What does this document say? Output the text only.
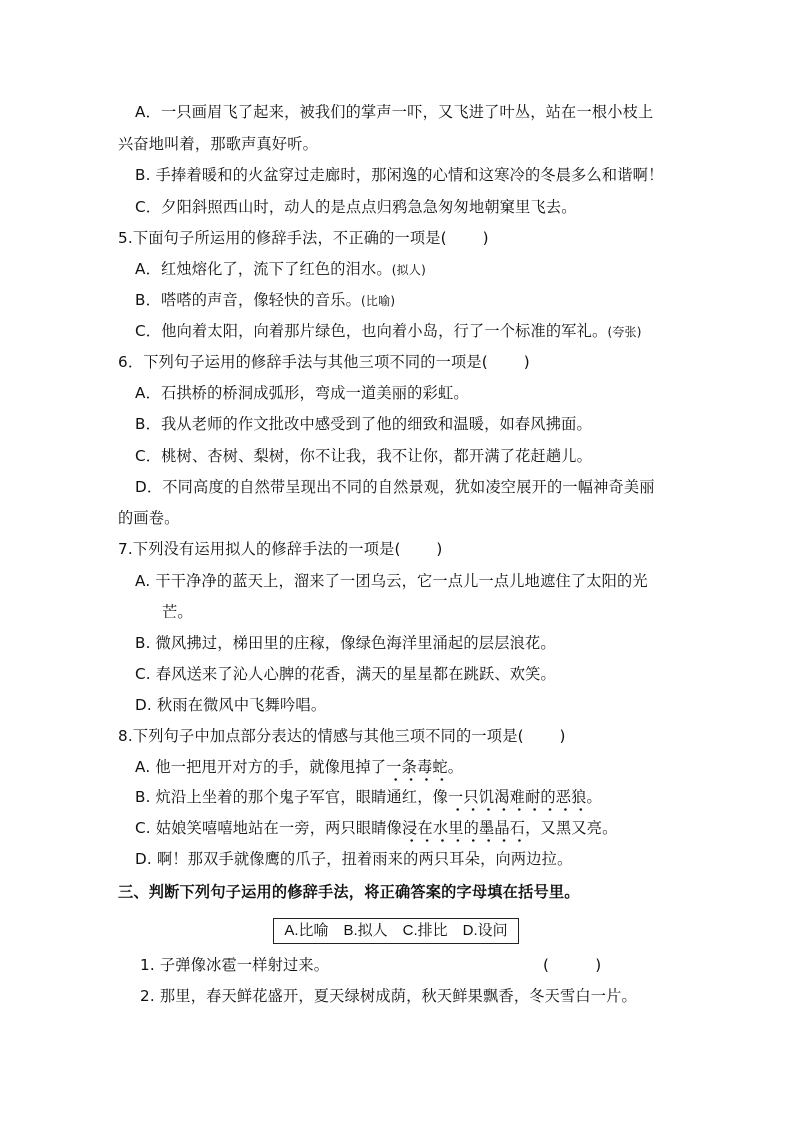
A．一只画眉飞了起来，被我们的掌声一吓，又飞进了叶丛，站在一根小枝上
兴奋地叫着，那歌声真好听。
B. 手捧着暖和的火盆穿过走廊时，那闲逸的心情和这寒冷的冬晨多么和谐啊！
C．夕阳斜照西山时，动人的是点点归鸦急急匆匆地朝窠里飞去。
5.下面句子所运用的修辞手法，不正确的一项是(　　 )
A．红烛熔化了，流下了红色的泪水。(拟人)
B．嗒嗒的声音，像轻快的音乐。(比喻)
C．他向着太阳，向着那片绿色，也向着小岛，行了一个标准的军礼。(夸张)
6．下列句子运用的修辞手法与其他三项不同的一项是(　　 )
A．石拱桥的桥洞成弧形，弯成一道美丽的彩虹。
B．我从老师的作文批改中感受到了他的细致和温暖，如春风拂面。
C．桃树、杏树、梨树，你不让我，我不让你，都开满了花赶趟儿。
D．不同高度的自然带呈现出不同的自然景观，犹如凌空展开的一幅神奇美丽
的画卷。
7.下列没有运用拟人的修辞手法的一项是(　　 )
A. 干干净净的蓝天上，溜来了一团乌云，它一点儿一点儿地遮住了太阳的光
芒。
B. 微风拂过，梯田里的庄稼，像绿色海洋里涌起的层层浪花。
C. 春风送来了沁人心脾的花香，满天的星星都在跳跃、欢笑。
D. 秋雨在微风中飞舞吟唱。
8.下列句子中加点部分表达的情感与其他三项不同的一项是(　　 )
A. 他一把甩开对方的手，就像甩掉了一条毒蛇。
B. 炕沿上坐着的那个鬼子军官，眼睛通红，像一只饥渴难耐的恶狼。
C. 姑娘笑嘻嘻地站在一旁，两只眼睛像浸在水里的墨晶石，又黑又亮。
D. 啊！那双手就像鹰的爪子，扭着雨来的两只耳朵，向两边拉。
三、判断下列句子运用的修辞手法，将正确答案的字母填在括号里。
A.比喻　B.拟人　C.排比　D.设问
1. 子弹像冰雹一样射过来。	(　　　)
2. 那里，春天鲜花盛开，夏天绿树成荫，秋天鲜果飘香，冬天雪白一片。
